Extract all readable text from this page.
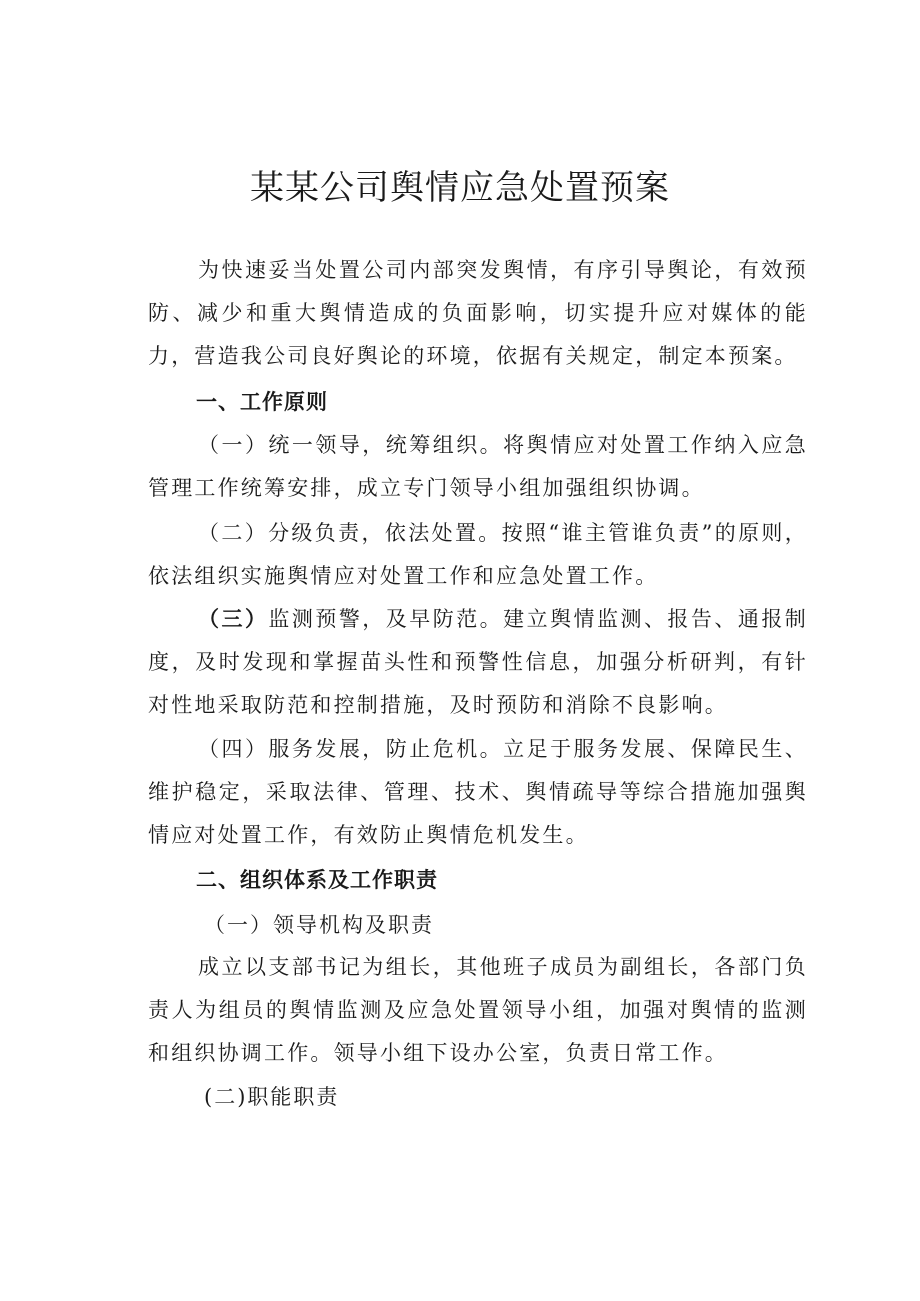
某某公司舆情应急处置预案

为快速妥当处置公司内部突发舆情，有序引导舆论，有效预防、减少和重大舆情造成的负面影响，切实提升应对媒体的能力，营造我公司良好舆论的环境，依据有关规定，制定本预案。

一、工作原则

（一）统一领导，统筹组织。将舆情应对处置工作纳入应急管理工作统筹安排，成立专门领导小组加强组织协调。

（二）分级负责，依法处置。按照“谁主管谁负责”的原则，依法组织实施舆情应对处置工作和应急处置工作。

（三）监测预警，及早防范。建立舆情监测、报告、通报制度，及时发现和掌握苗头性和预警性信息，加强分析研判，有针对性地采取防范和控制措施，及时预防和消除不良影响。

（四）服务发展，防止危机。立足于服务发展、保障民生、维护稳定，采取法律、管理、技术、舆情疏导等综合措施加强舆情应对处置工作，有效防止舆情危机发生。

二、组织体系及工作职责

（一）领导机构及职责

成立以支部书记为组长，其他班子成员为副组长，各部门负责人为组员的舆情监测及应急处置领导小组，加强对舆情的监测和组织协调工作。领导小组下设办公室，负责日常工作。

(二)职能职责
